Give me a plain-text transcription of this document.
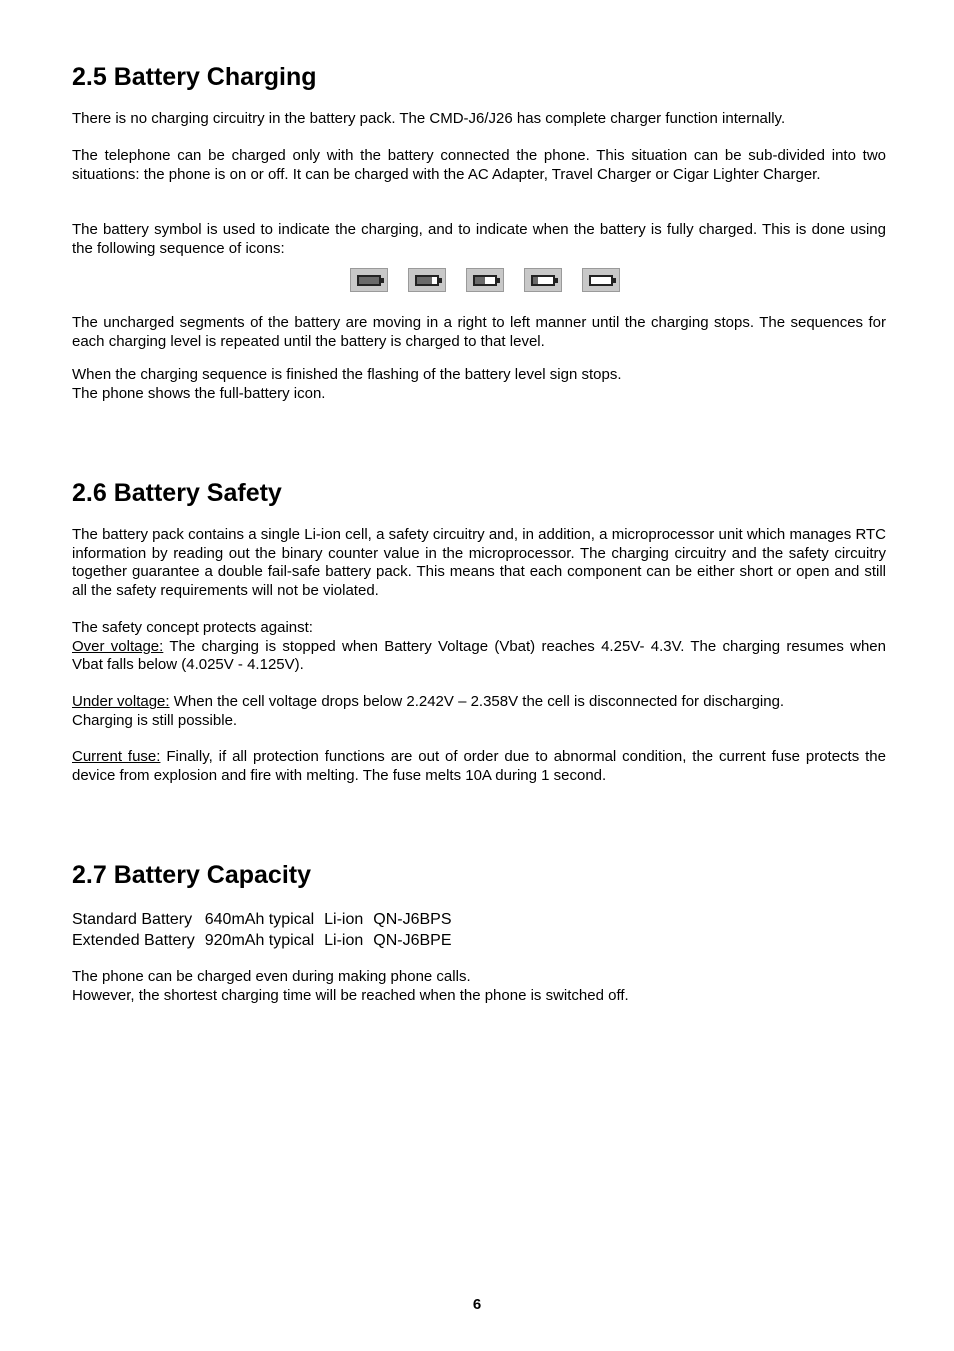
2.5 Battery Charging

There is no charging circuitry in the battery pack. The CMD-J6/J26 has complete charger function internally.

The telephone can be charged only with the battery connected the phone. This situation can be sub-divided into two situations: the phone is on or off. It can be charged with the AC Adapter, Travel Charger or Cigar Lighter Charger.

The battery symbol is used to indicate the charging, and to indicate when the battery is fully charged. This is done using the following sequence of icons:

The uncharged segments of the battery are moving in a right to left manner until the charging stops. The sequences for each charging level is repeated until the battery is charged to that level.

When the charging sequence is finished the flashing of the battery level sign stops.
The phone shows the full-battery icon.

2.6 Battery Safety

The battery pack contains a single Li-ion cell, a safety circuitry and, in addition, a microprocessor unit which manages RTC information by reading out the binary counter value in the microprocessor. The charging circuitry and the safety circuitry together guarantee a double fail-safe battery pack. This means that each component can be either short or open and still all the safety requirements will not be violated.

The safety concept protects against:
Over voltage: The charging is stopped when Battery Voltage (Vbat) reaches 4.25V- 4.3V. The charging resumes when Vbat falls below (4.025V - 4.125V).

Under voltage: When the cell voltage drops below 2.242V – 2.358V the cell is disconnected for discharging.
Charging is still possible.

Current fuse: Finally, if all protection functions are out of order due to abnormal condition, the current fuse protects the device from explosion and fire with melting. The fuse melts 10A during 1 second.

2.7 Battery Capacity
Standard Battery	640mAh typical	Li-ion	QN-J6BPS
Extended Battery	920mAh typical	Li-ion	QN-J6BPE

The phone can be charged even during making phone calls.
However, the shortest charging time will be reached when the phone is switched off.

6
